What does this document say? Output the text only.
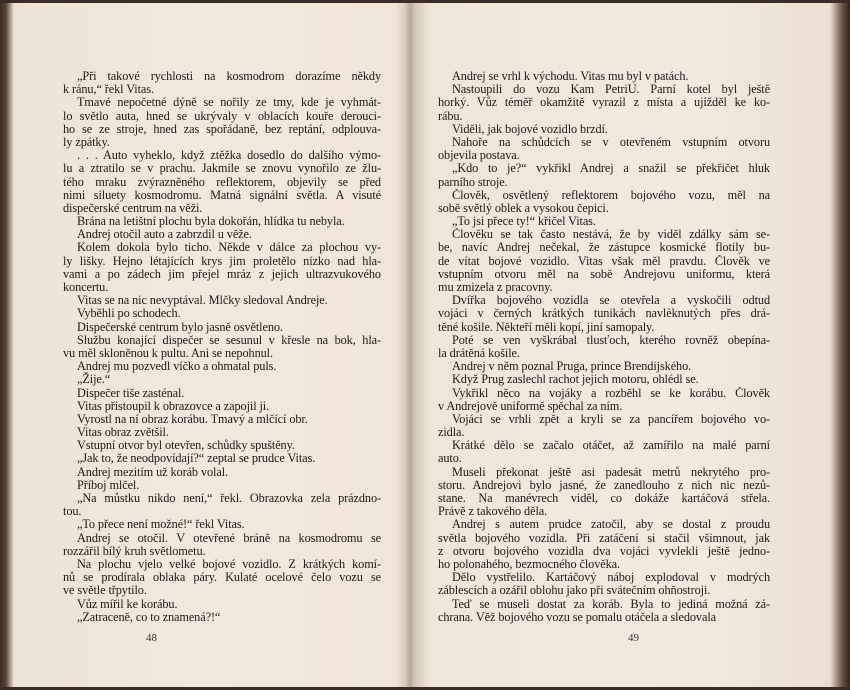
„Při takové rychlosti na kosmodrom dorazíme někdy
k ránu,“ řekl Vitas.
Tmavé nepočetné dýně se nořily ze tmy, kde je vyhmát-
lo světlo auta, hned se ukrývaly v oblacích kouře derouci-
ho se ze stroje, hned zas spořádaně, bez reptání, odplouva-
ly zpátky.
. . . Auto vyheklo, když ztěžka dosedlo do dalšího výmo-
lu a ztratilo se v prachu. Jakmile se znovu vynořilo ze žlu-
tého mraku zvýrazněného reflektorem, objevily se před
nimi siluety kosmodromu. Matná signální světla. A visuté
dispečerské centrum na věži.
Brána na letištní plochu byla dokořán, hlídka tu nebyla.
Andrej otočil auto a zabrzdil u věže.
Kolem dokola bylo ticho. Někde v dálce za plochou vy-
ly lišky. Hejno létajících krys jim proletělo nízko nad hla-
vami a po zádech jim přejel mráz z jejich ultrazvukového
koncertu.
Vitas se na nic nevyptával. Mlčky sledoval Andreje.
Vyběhli po schodech.
Dispečerské centrum bylo jasně osvětleno.
Službu konající dispečer se sesunul v křesle na bok, hla-
vu měl skloněnou k pultu. Ani se nepohnul.
Andrej mu pozvedl víčko a ohmatal puls.
„Žije.“
Dispečer tiše zasténal.
Vitas přistoupil k obrazovce a zapojil ji.
Vyrostl na ní obraz korábu. Tmavý a mlčící obr.
Vitas obraz zvětšil.
Vstupní otvor byl otevřen, schůdky spuštěny.
„Jak to, že neodpovídají?“ zeptal se prudce Vitas.
Andrej mezitím už koráb volal.
Příboj mlčel.
„Na můstku nikdo není,“ řekl. Obrazovka zela prázdno-
tou.
„To přece není možné!“ řekl Vitas.
Andrej se otočil. V otevřené bráně na kosmodromu se
rozzářil bílý kruh světlometu.
Na plochu vjelo velké bojové vozidlo. Z krátkých komí-
nů se prodírala oblaka páry. Kulaté ocelové čelo vozu se
ve světle třpytilo.
Vůz mířil ke korábu.
„Zatraceně, co to znamená?!“
48
Andrej se vrhl k východu. Vitas mu byl v patách.
Nastoupili do vozu Kam PetriU. Parní kotel byl ještě
horký. Vůz téměř okamžitě vyrazil z místa a ujížděl ke ko-
rábu.
Viděli, jak bojové vozidlo brzdí.
Nahoře na schůdcích se v otevřeném vstupním otvoru
objevila postava.
„Kdo to je?“ vykřikl Andrej a snažil se překřičet hluk
parního stroje.
Člověk, osvětlený reflektorem bojového vozu, měl na
sobě světlý oblek a vysokou čepici.
„To jsi přece ty!“ křičel Vitas.
Člověku se tak často nestává, že by viděl zdálky sám se-
be, navíc Andrej nečekal, že zástupce kosmické flotily bu-
de vítat bojové vozidlo. Vitas však měl pravdu. Člověk ve
vstupním otvoru měl na sobě Andrejovu uniformu, která
mu zmizela z pracovny.
Dvířka bojového vozidla se otevřela a vyskočili odtud
vojáci v černých krátkých tunikách navlèknutých přes drá-
těné košile. Někteří měli kopí, jiní samopaly.
Poté se ven vyškrábal tlusťoch, kterého rovněž obepína-
la drátěná košile.
Andrej v něm poznal Pruga, prince Brendijského.
Když Prug zaslechl rachot jejich motoru, ohlédl se.
Vykřikl něco na vojáky a rozběhl se ke korábu. Člověk
v Andrejově uniformě spěchal za ním.
Vojáci se vrhli zpět a kryli se za pancířem bojového vo-
zidla.
Krátké dělo se začalo otáčet, až zamířilo na malé parní
auto.
Museli překonat ještě asi padesát metrů nekrytého pro-
storu. Andrejovi bylo jasné, že zanedlouho z nich nic nezů-
stane. Na manévrech viděl, co dokáže kartáčová střela.
Právě z takového děla.
Andrej s autem prudce zatočil, aby se dostal z proudu
světla bojového vozidla. Při zatáčení si stačil všimnout, jak
z otvoru bojového vozidla dva vojáci vyvlekli ještě jedno-
ho polonahého, bezmocného člověka.
Dělo vystřelilo. Kartáčový náboj explodoval v modrých
záblescích a ozářil oblohu jako při svátečním ohňostroji.
Teď se museli dostat za koráb. Byla to jediná možná zá-
chrana. Věž bojového vozu se pomalu otáčela a sledovala
49
